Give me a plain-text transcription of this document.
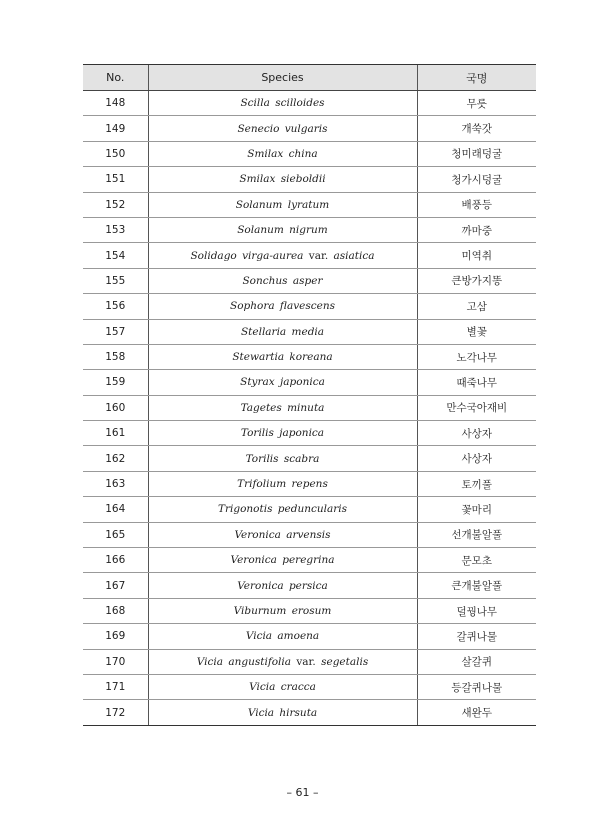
No.	Species	국명
148	Scilla scilloides	무릇
149	Senecio vulgaris	개쑥갓
150	Smilax china	청미래덩굴
151	Smilax sieboldii	청가시덩굴
152	Solanum lyratum	배풍등
153	Solanum nigrum	까마중
154	Solidago virga-aurea var. asiatica	미역취
155	Sonchus asper	큰방가지똥
156	Sophora flavescens	고삼
157	Stellaria media	별꽃
158	Stewartia koreana	노각나무
159	Styrax japonica	때죽나무
160	Tagetes minuta	만수국아재비
161	Torilis japonica	사상자
162	Torilis scabra	사상자
163	Trifolium repens	토끼풀
164	Trigonotis peduncularis	꽃마리
165	Veronica arvensis	선개불알풀
166	Veronica peregrina	문모초
167	Veronica persica	큰개불알풀
168	Viburnum erosum	덜꿩나무
169	Vicia amoena	갈퀴나물
170	Vicia angustifolia var. segetalis	살갈퀴
171	Vicia cracca	등갈퀴나물
172	Vicia hirsuta	새완두
– 61 –
